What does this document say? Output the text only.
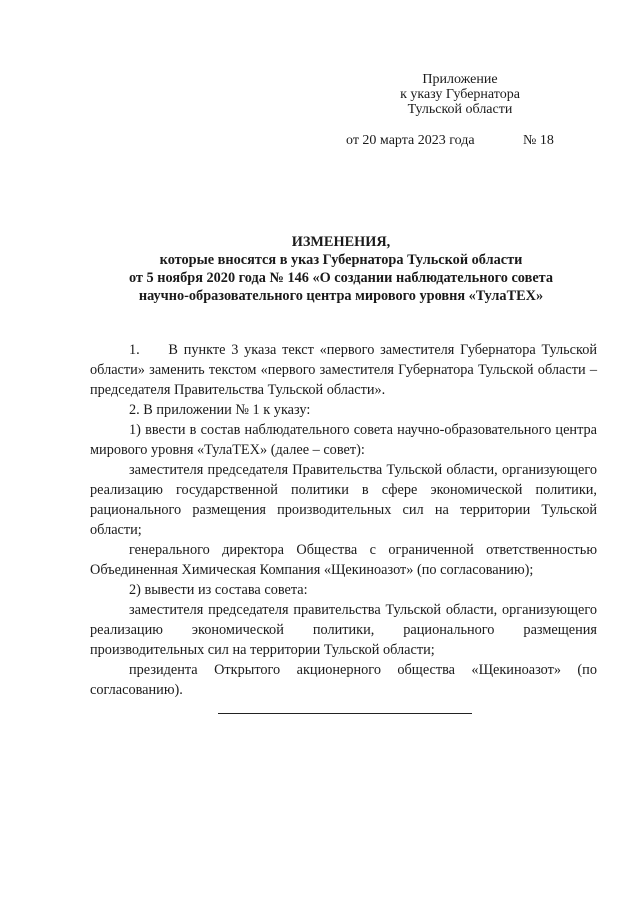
Приложение
к указу Губернатора
Тульской области
от 20 марта 2023 года	№ 18
ИЗМЕНЕНИЯ,
которые вносятся в указ Губернатора Тульской области
от 5 ноября 2020 года № 146 «О создании наблюдательного совета
научно-образовательного центра мирового уровня «ТулаТЕХ»

1.     В пункте 3 указа текст «первого заместителя Губернатора Тульской области» заменить текстом «первого заместителя Губернатора Тульской области – председателя Правительства Тульской области».

2. В приложении № 1 к указу:

1) ввести в состав наблюдательного совета научно-образовательного центра мирового уровня «ТулаТЕХ» (далее – совет):

заместителя председателя Правительства Тульской области, организующего реализацию государственной политики в сфере экономической политики, рационального размещения производительных сил на территории Тульской области;

генерального директора Общества с ограниченной ответственностью Объединенная Химическая Компания «Щекиноазот» (по согласованию);

2) вывести из состава совета:

заместителя председателя правительства Тульской области, организующего реализацию экономической политики, рационального размещения производительных сил на территории Тульской области;

президента Открытого акционерного общества «Щекиноазот» (по согласованию).
